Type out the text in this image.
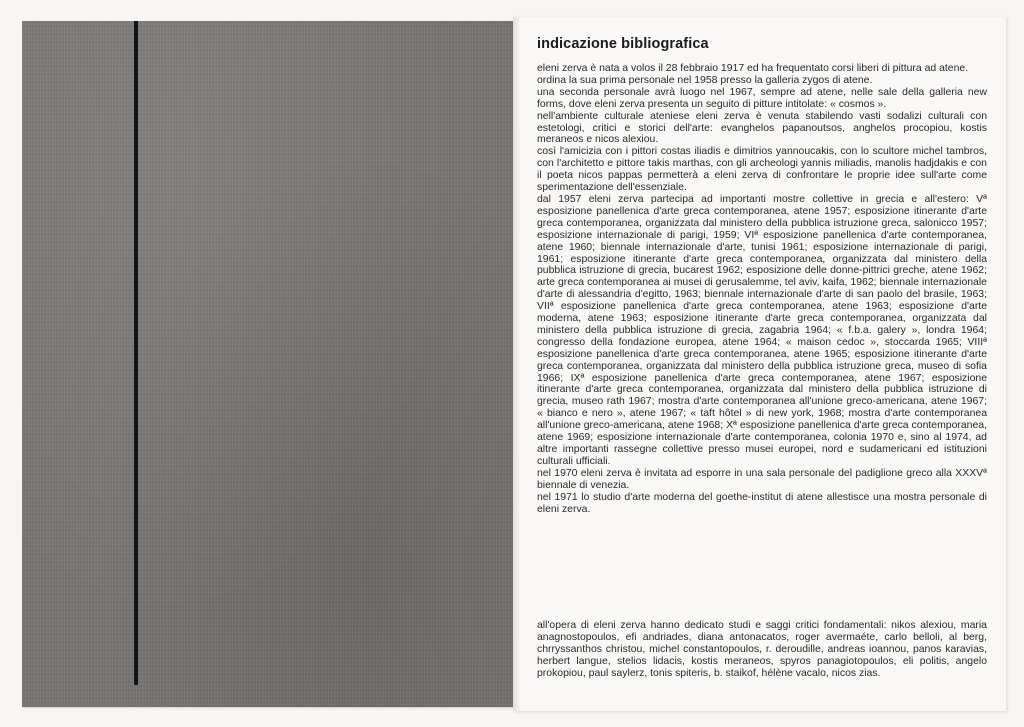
indicazione bibliografica

eleni zerva è nata a volos il 28 febbraio 1917 ed ha frequentato corsi liberi di pittura ad atene.

ordina la sua prima personale nel 1958 presso la galleria zygos di atene.

una seconda personale avrà luogo nel 1967, sempre ad atene, nelle sale della galleria new forms, dove eleni zerva presenta un seguito di pitture intitolate: « cosmos ».

nell'ambiente culturale ateniese eleni zerva è venuta stabilendo vasti sodalizi culturali con estetologi, critici e storici dell'arte: evanghelos papanoutsos, anghelos procopiou, kostis meraneos e nicos alexiou.

così l'amicizia con i pittori costas iliadis e dimitrios yannoucakis, con lo scultore michel tambros, con l'architetto e pittore takis marthas, con gli archeologi yannis miliadis, manolis hadjdakis e con il poeta nicos pappas permetterà a eleni zerva di confrontare le proprie idee sull'arte come sperimentazione dell'essenziale.

dal 1957 eleni zerva partecipa ad importanti mostre collettive in grecia e all'estero: Vª esposizione panellenica d'arte greca contemporanea, atene 1957; esposizione itinerante d'arte greca contemporanea, organizzata dal ministero della pubblica istruzione greca, salonicco 1957; esposizione internazionale di parigi, 1959; VIª esposizione panellenica d'arte contemporanea, atene 1960; biennale internazionale d'arte, tunisi 1961; esposizione internazionale di parigi, 1961; esposizione itinerante d'arte greca contemporanea, organizzata dal ministero della pubblica istruzione di grecia, bucarest 1962; esposizione delle donne-pittrici greche, atene 1962; arte greca contemporanea ai musei di gerusalemme, tel aviv, kaifa, 1962; biennale internazionale d'arte di alessandria d'egitto, 1963; biennale internazionale d'arte di san paolo del brasile, 1963; VIIª esposizione panellenica d'arte greca contemporanea, atene 1963; esposizione d'arte moderna, atene 1963; esposizione itinerante d'arte greca contemporanea, organizzata dal ministero della pubblica istruzione di grecia, zagabria 1964; « f.b.a. galery », londra 1964; congresso della fondazione europea, atene 1964; « maison cedoc », stoccarda 1965; VIIIª esposizione panellenica d'arte greca contemporanea, atene 1965; esposizione itinerante d'arte greca contemporanea, organizzata dal ministero della pubblica istruzione greca, museo di sofia 1966; IXª esposizione panellenica d'arte greca contemporanea, atene 1967; esposizione itinerante d'arte greca contemporanea, organizzata dal ministero della pubblica istruzione di grecia, museo rath 1967; mostra d'arte contemporanea all'unione greco-americana, atene 1967; « bianco e nero », atene 1967; « taft hôtel » di new york, 1968; mostra d'arte contemporanea all'unione greco-americana, atene 1968; Xª esposizione panellenica d'arte greca contemporanea, atene 1969; esposizione internazionale d'arte contemporanea, colonia 1970 e, sino al 1974, ad altre importanti rassegne collettive presso musei europei, nord e sudamericani ed istituzioni culturali ufficiali.

nel 1970 eleni zerva è invitata ad esporre in una sala personale del padiglione greco alla XXXVª biennale di venezia.

nel 1971 lo studio d'arte moderna del goethe-institut di atene allestisce una mostra personale di eleni zerva.

all'opera di eleni zerva hanno dedicato studi e saggi critici fondamentali: nikos alexiou, maria anagnostopoulos, efi andriades, diana antonacatos, roger avermaéte, carlo belloli, al berg, chrryssanthos christou, michel constantopoulos, r. deroudille, andreas ioannou, panos karavias, herbert langue, stelios lidacis, kostis meraneos, spyros panagiotopoulos, eli politis, angelo prokopiou, paul saylerz, tonis spiteris, b. staikof, hélène vacalo, nicos zias.
